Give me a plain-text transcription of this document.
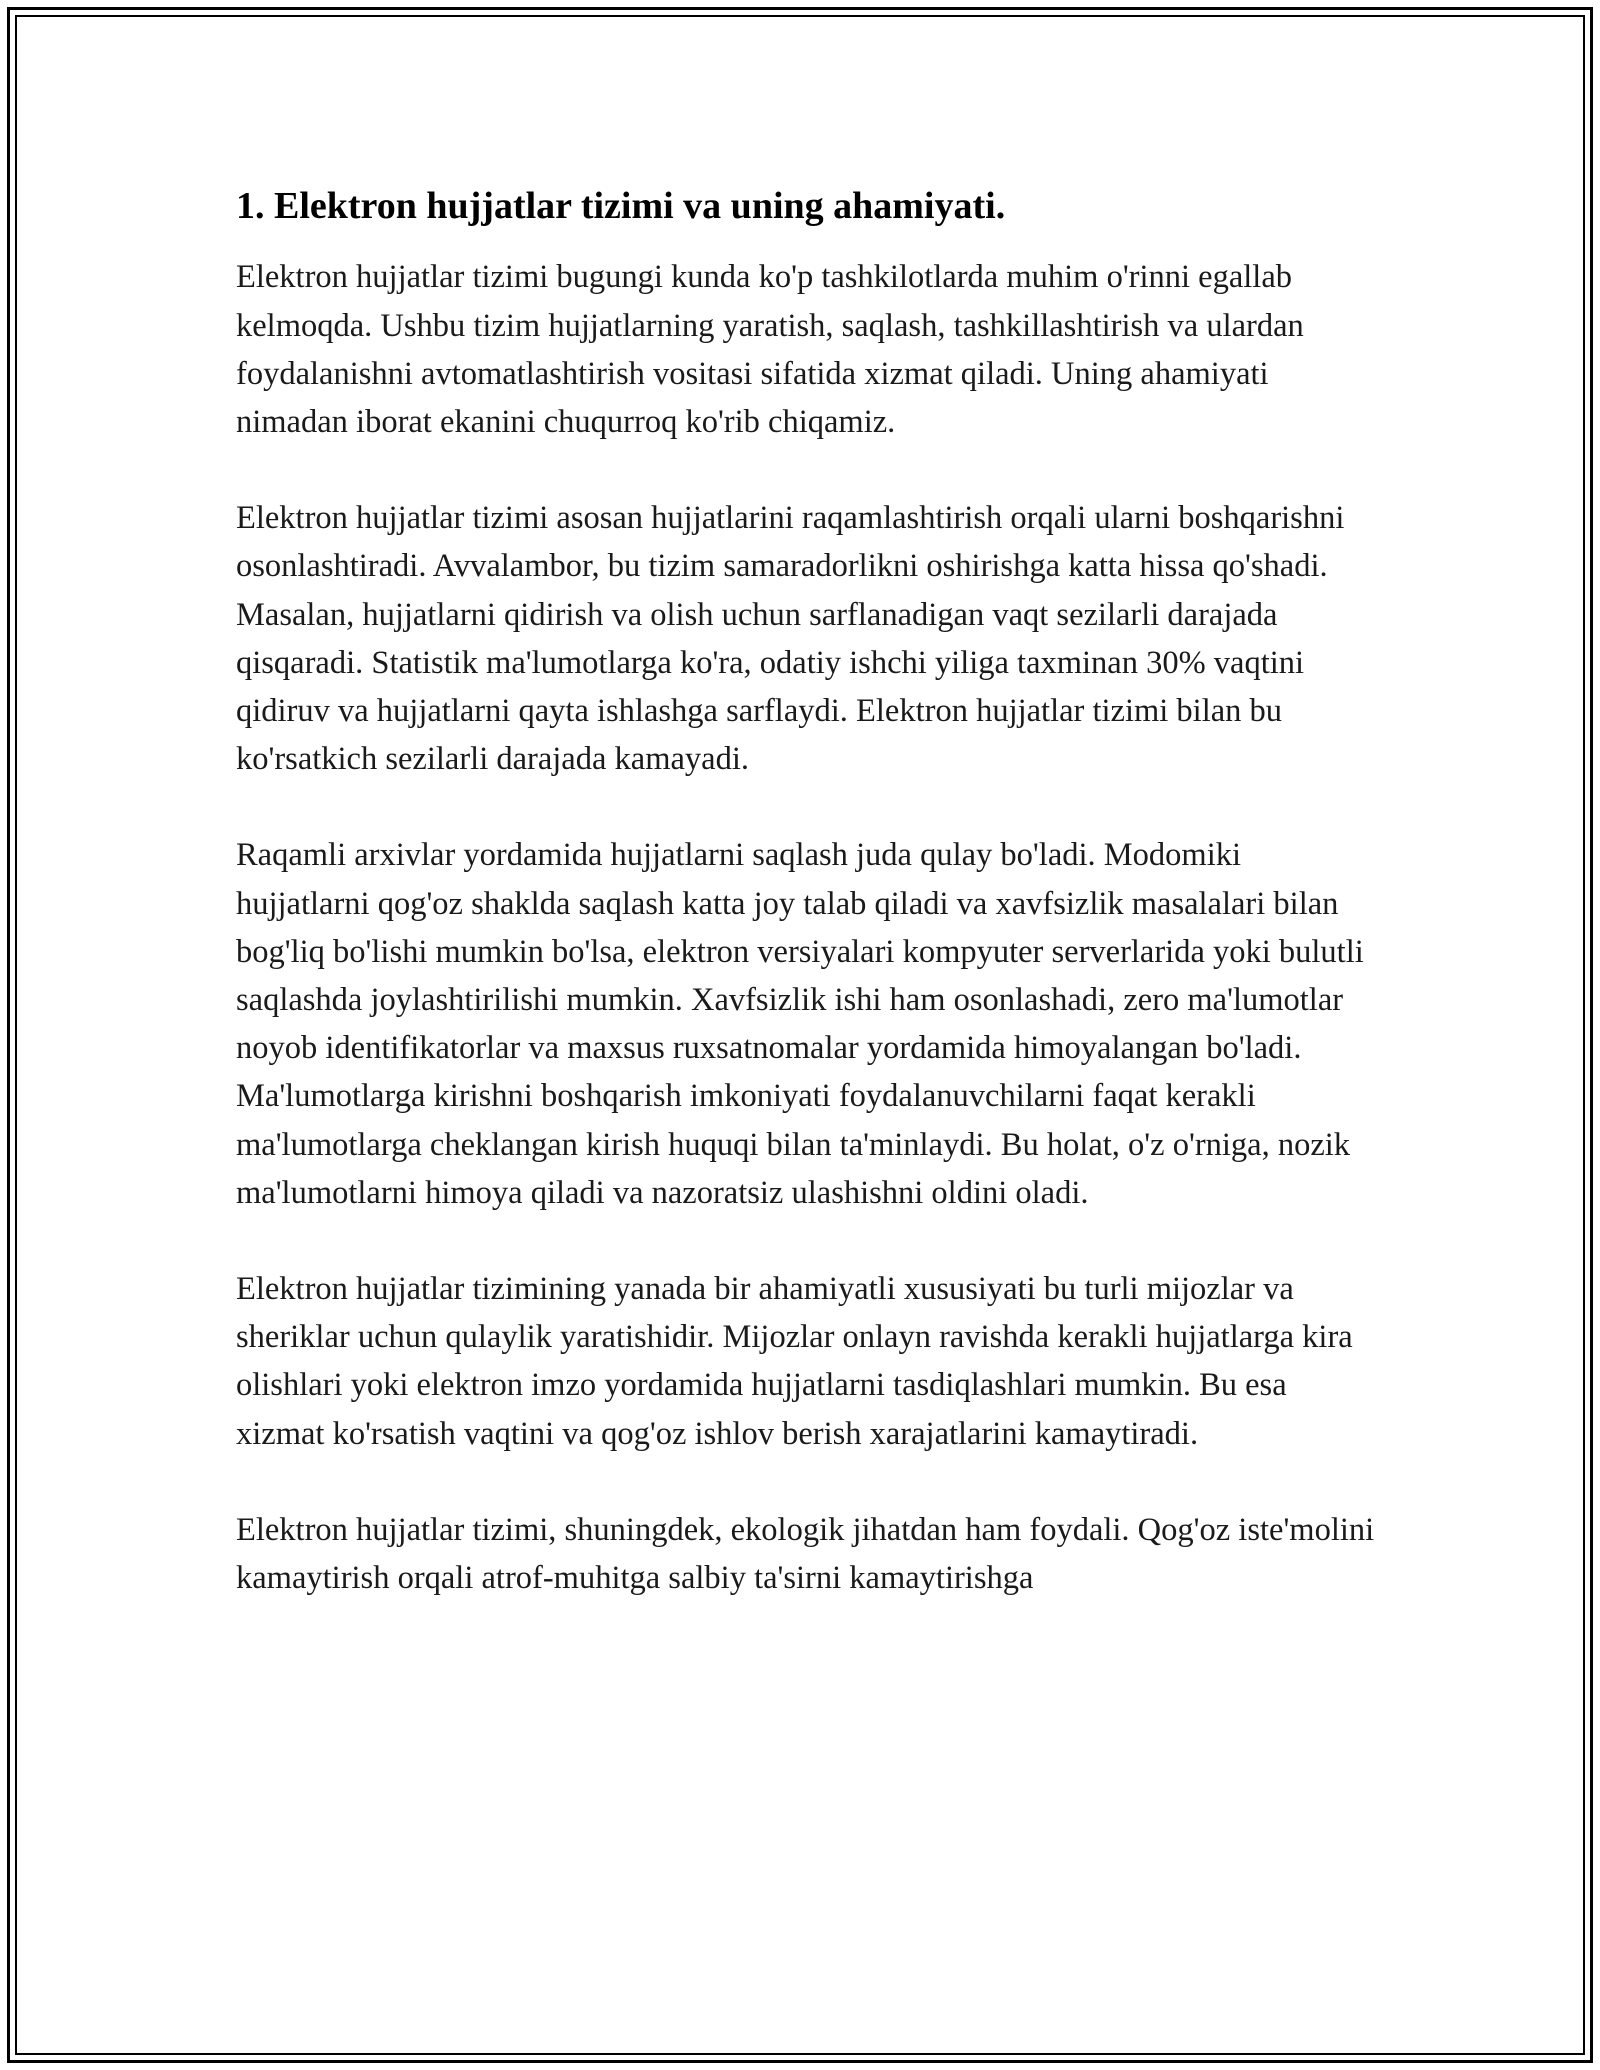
1. Elektron hujjatlar tizimi va uning ahamiyati.

Elektron hujjatlar tizimi bugungi kunda ko'p tashkilotlarda muhim o'rinni egallab kelmoqda. Ushbu tizim hujjatlarning yaratish, saqlash, tashkillashtirish va ulardan foydalanishni avtomatlashtirish vositasi sifatida xizmat qiladi. Uning ahamiyati nimadan iborat ekanini chuqurroq ko'rib chiqamiz.

Elektron hujjatlar tizimi asosan hujjatlarini raqamlashtirish orqali ularni boshqarishni osonlashtiradi. Avvalambor, bu tizim samaradorlikni oshirishga katta hissa qo'shadi. Masalan, hujjatlarni qidirish va olish uchun sarflanadigan vaqt sezilarli darajada qisqaradi. Statistik ma'lumotlarga ko'ra, odatiy ishchi yiliga taxminan 30% vaqtini qidiruv va hujjatlarni qayta ishlashga sarflaydi. Elektron hujjatlar tizimi bilan bu ko'rsatkich sezilarli darajada kamayadi.

Raqamli arxivlar yordamida hujjatlarni saqlash juda qulay bo'ladi. Modomiki hujjatlarni qog'oz shaklda saqlash katta joy talab qiladi va xavfsizlik masalalari bilan bog'liq bo'lishi mumkin bo'lsa, elektron versiyalari kompyuter serverlarida yoki bulutli saqlashda joylashtirilishi mumkin. Xavfsizlik ishi ham osonlashadi, zero ma'lumotlar noyob identifikatorlar va maxsus ruxsatnomalar yordamida himoyalangan bo'ladi. Ma'lumotlarga kirishni boshqarish imkoniyati foydalanuvchilarni faqat kerakli ma'lumotlarga cheklangan kirish huquqi bilan ta'minlaydi. Bu holat, o'z o'rniga, nozik ma'lumotlarni himoya qiladi va nazoratsiz ulashishni oldini oladi.

Elektron hujjatlar tizimining yanada bir ahamiyatli xususiyati bu turli mijozlar va sheriklar uchun qulaylik yaratishidir. Mijozlar onlayn ravishda kerakli hujjatlarga kira olishlari yoki elektron imzo yordamida hujjatlarni tasdiqlashlari mumkin. Bu esa xizmat ko'rsatish vaqtini va qog'oz ishlov berish xarajatlarini kamaytiradi.

Elektron hujjatlar tizimi, shuningdek, ekologik jihatdan ham foydali. Qog'oz iste'molini kamaytirish orqali atrof-muhitga salbiy ta'sirni kamaytirishga
